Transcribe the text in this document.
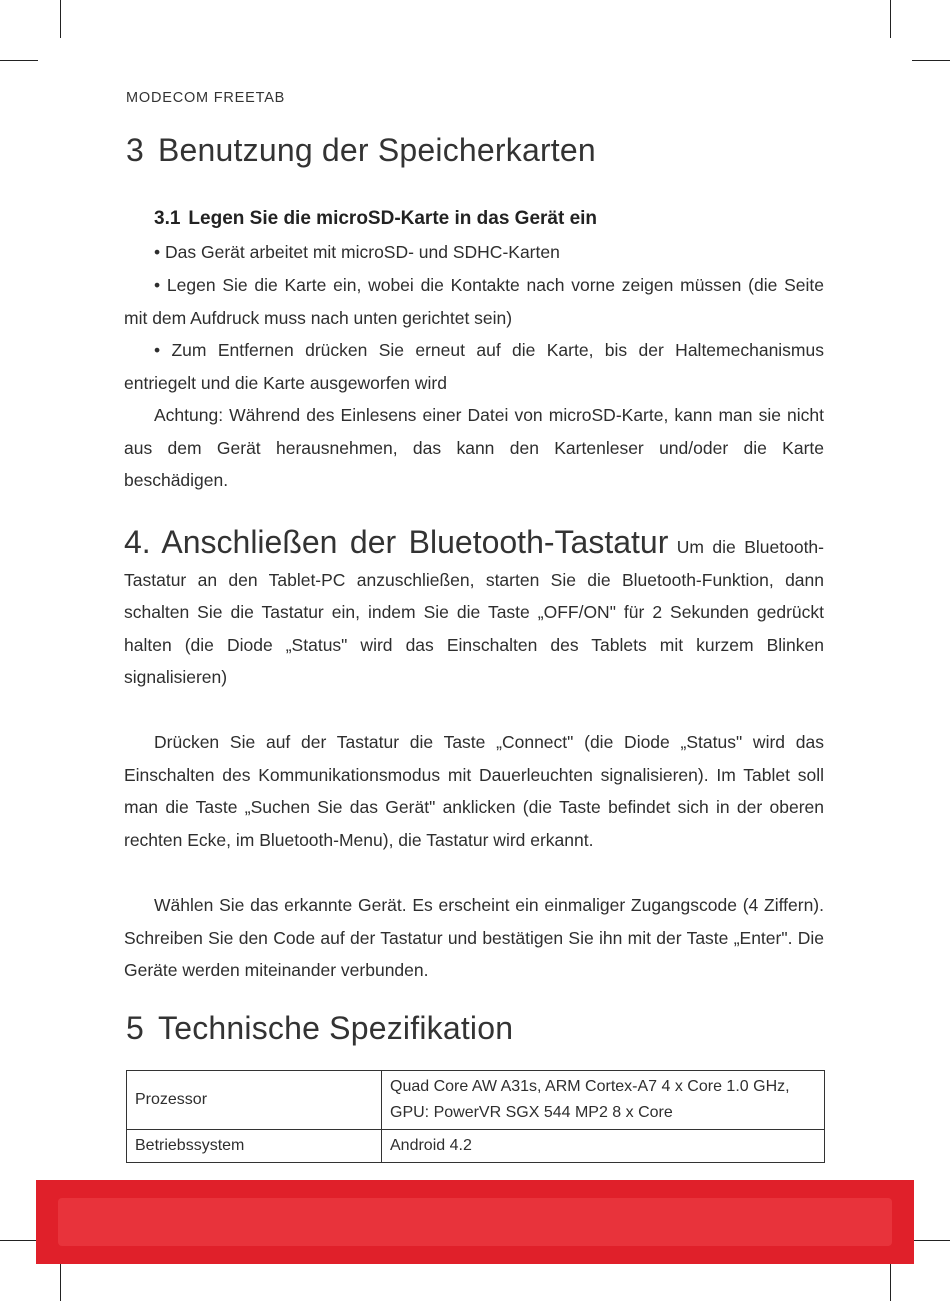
MODECOM FREETAB
3 Benutzung der Speicherkarten
3.1 Legen Sie die microSD-Karte in das Gerät ein

• Das Gerät arbeitet mit microSD- und SDHC-Karten

• Legen Sie die Karte ein, wobei die Kontakte nach vorne zeigen müssen (die Seite mit dem Aufdruck muss nach unten gerichtet sein)

• Zum Entfernen drücken Sie erneut auf die Karte, bis der Haltemechanismus entriegelt und die Karte ausgeworfen wird

Achtung: Während des Einlesens einer Datei von microSD-Karte, kann man sie nicht aus dem Gerät herausnehmen, das kann den Kartenleser und/oder die Karte beschädigen.

4. Anschließen der Bluetooth-Tastatur Um die Bluetooth-Tastatur an den Tablet-PC anzuschließen, starten Sie die Bluetooth-Funktion, dann schalten Sie die Tastatur ein, indem Sie die Taste „OFF/ON" für 2 Sekunden gedrückt halten (die Diode „Status" wird das Einschalten des Tablets mit kurzem Blinken signalisieren)

Drücken Sie auf der Tastatur die Taste „Connect" (die Diode „Status" wird das Einschalten des Kommunikationsmodus mit Dauerleuchten signalisieren). Im Tablet soll man die Taste „Suchen Sie das Gerät" anklicken (die Taste befindet sich in der oberen rechten Ecke, im Bluetooth-Menu), die Tastatur wird erkannt.

Wählen Sie das erkannte Gerät. Es erscheint ein einmaliger Zugangscode (4 Ziffern). Schreiben Sie den Code auf der Tastatur und bestätigen Sie ihn mit der Taste „Enter". Die Geräte werden miteinander verbunden.

5 Technische Spezifikation
Prozessor	Quad Core AW A31s, ARM Cortex-A7 4 x Core 1.0 GHz, GPU: PowerVR SGX 544 MP2 8 x Core
Betriebssystem	Android 4.2
